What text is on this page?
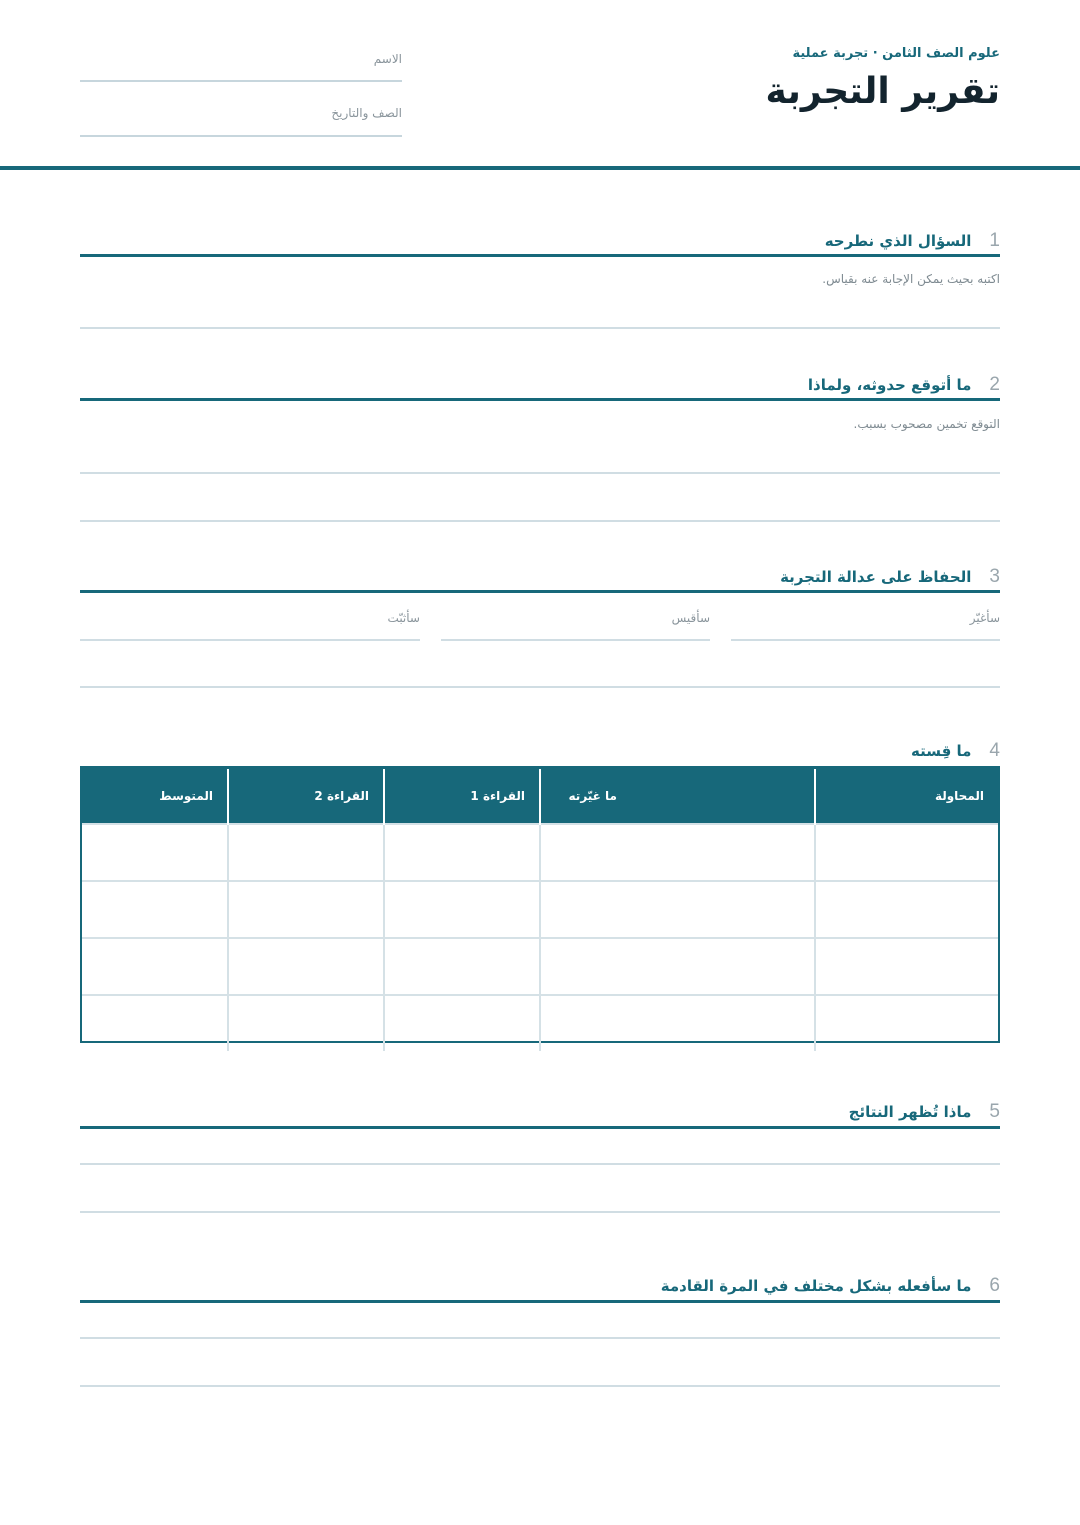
علوم الصف الثامن · تجربة عملية
تقرير التجربة
الاسم
الصف والتاريخ
1
السؤال الذي نطرحه
اكتبه بحيث يمكن الإجابة عنه بقياس.
2
ما أتوقع حدوثه، ولماذا
التوقع تخمين مصحوب بسبب.
3
الحفاظ على عدالة التجربة
سأغيّر
سأقيس
سأثبّت
4
ما قِسته
المحاولة	ما غيّرته	القراءة 1	القراءة 2	المتوسط

5
ماذا تُظهر النتائج
6
ما سأفعله بشكل مختلف في المرة القادمة
